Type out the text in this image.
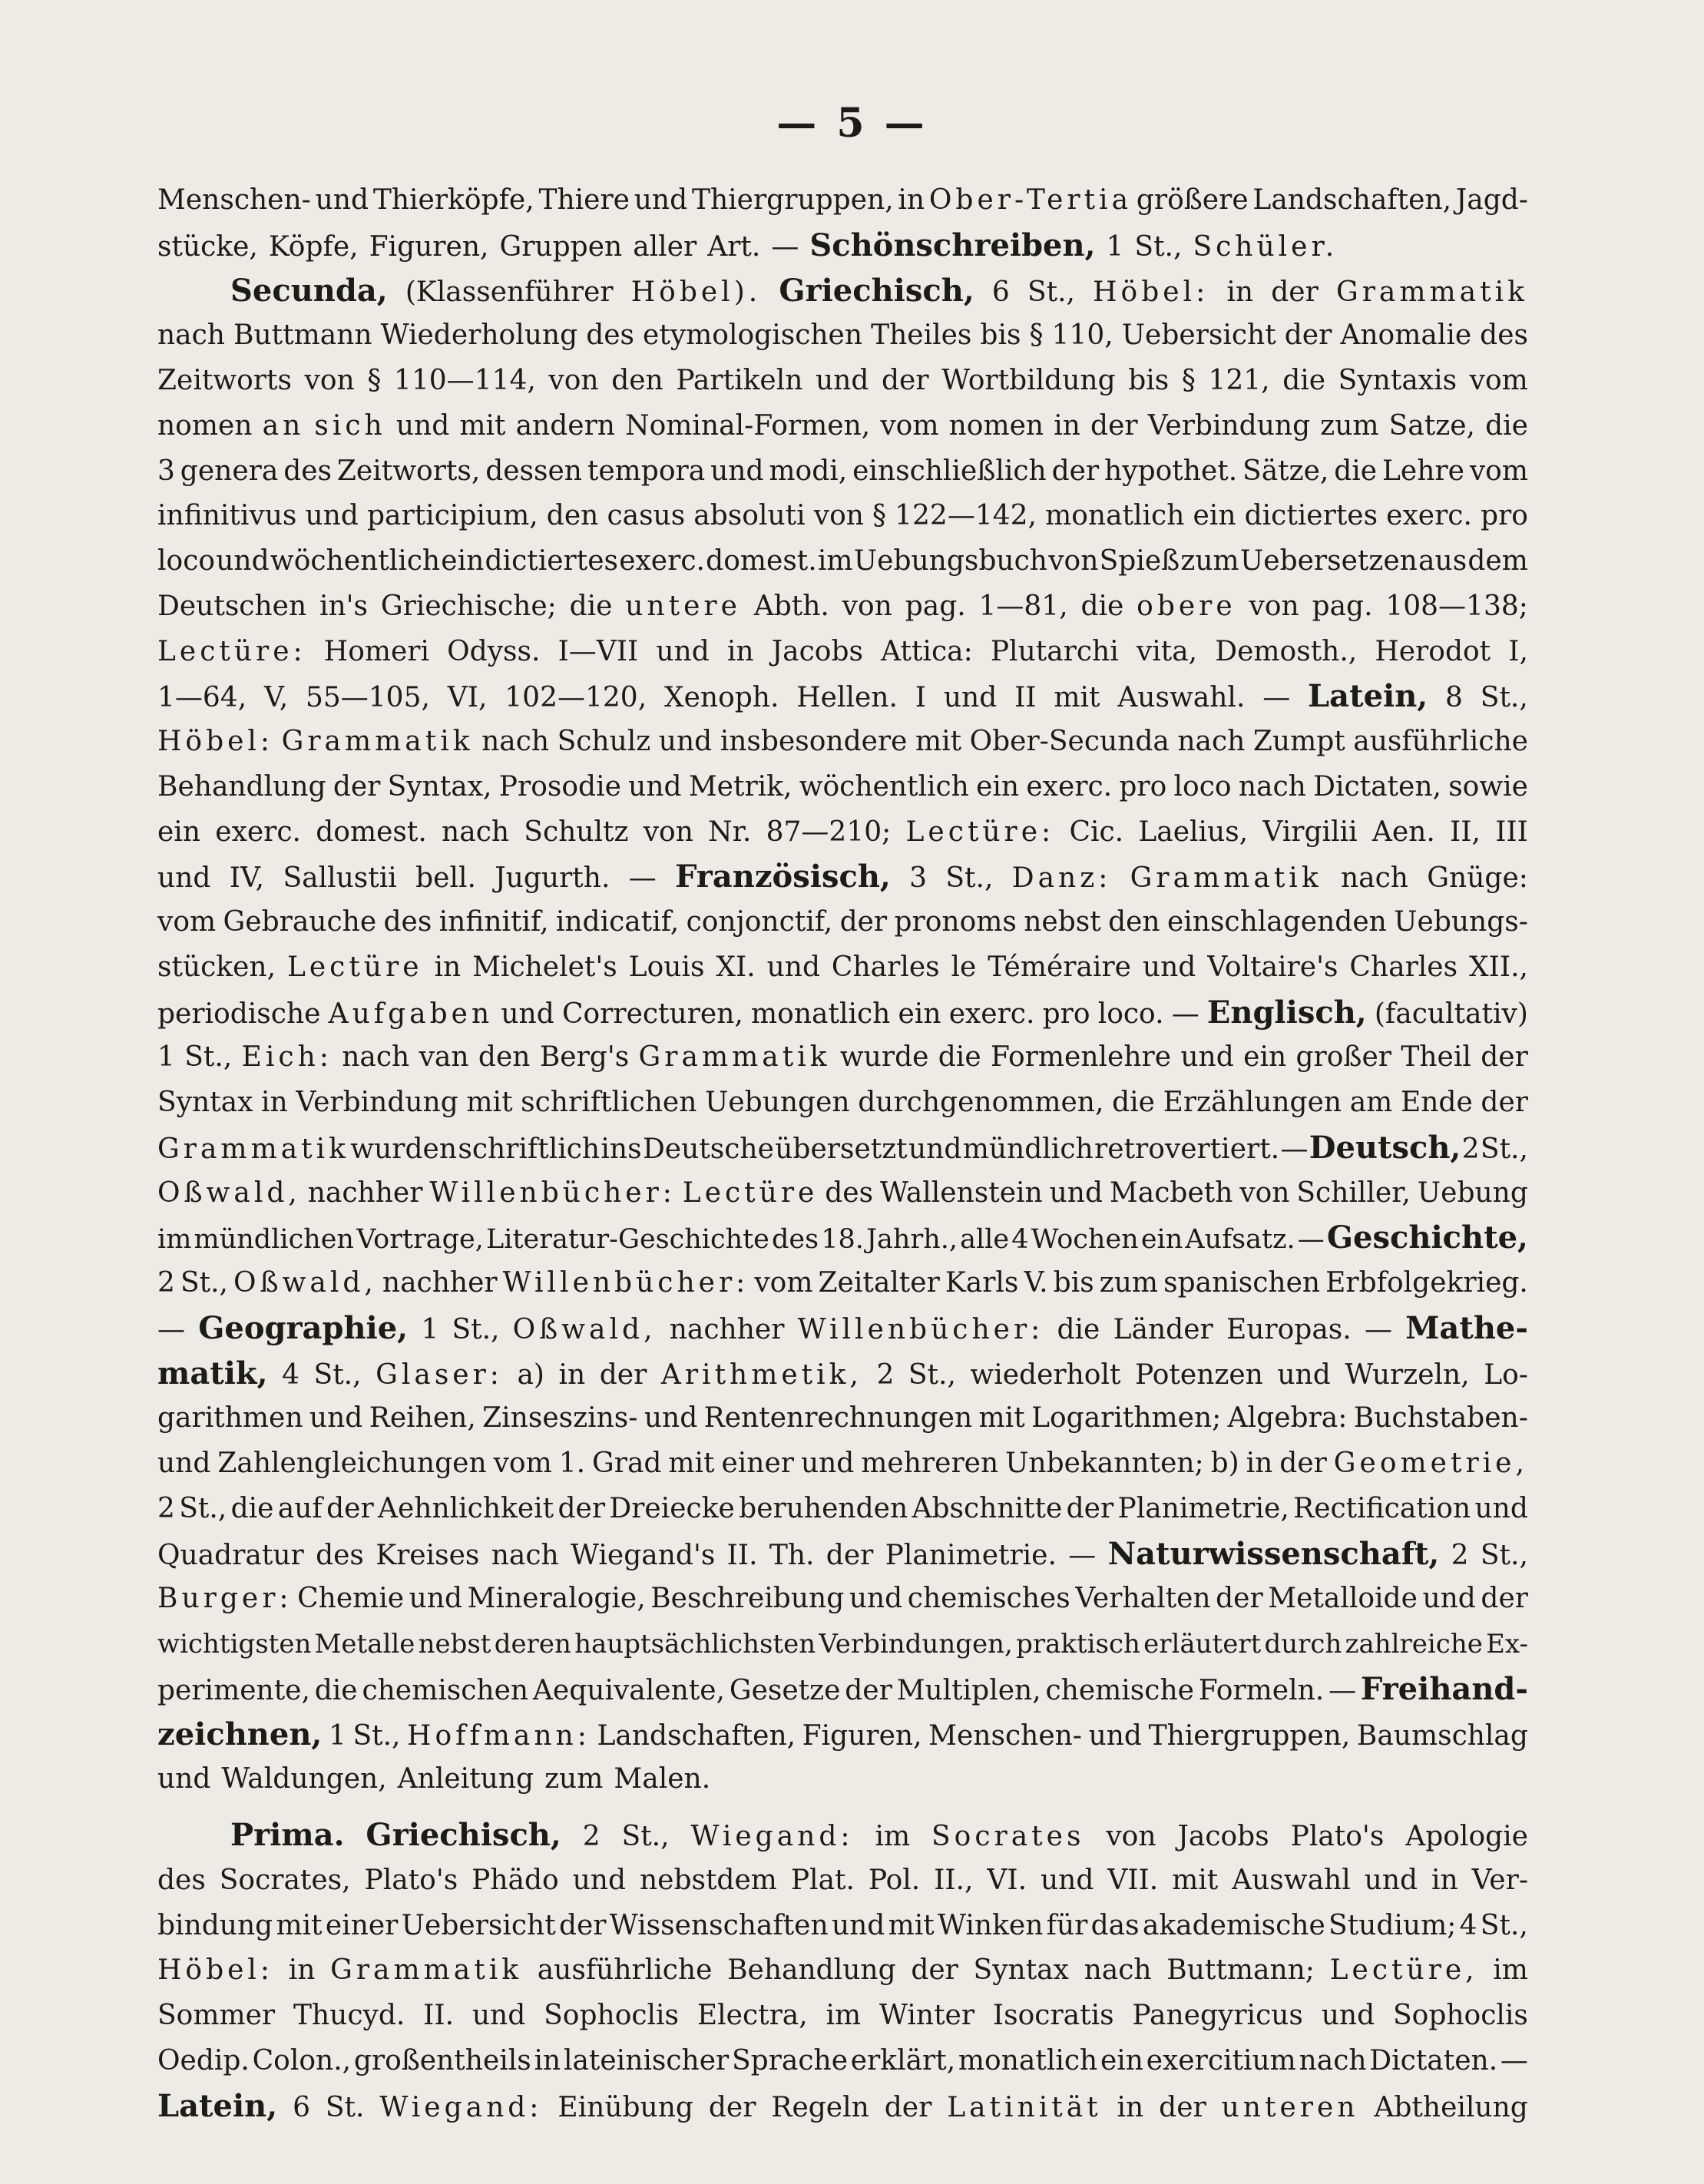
— 5 —
Menschen- und Thierköpfe, Thiere und Thiergruppen, in Ober-Tertia größere Landschaften, Jagd-
stücke, Köpfe, Figuren, Gruppen aller Art. — Schönschreiben, 1 St., Schüler.
Secunda, (Klassenführer Höbel). Griechisch, 6 St., Höbel: in der Grammatik
nach Buttmann Wiederholung des etymologischen Theiles bis § 110, Uebersicht der Anomalie des
Zeitworts von § 110—114, von den Partikeln und der Wortbildung bis § 121, die Syntaxis vom
nomen an sich und mit andern Nominal-Formen, vom nomen in der Verbindung zum Satze, die
3 genera des Zeitworts, dessen tempora und modi, einschließlich der hypothet. Sätze, die Lehre vom
infinitivus und participium, den casus absoluti von § 122—142, monatlich ein dictiertes exerc. pro
loco und wöchentlich ein dictiertes exerc. domest. im Uebungsbuch von Spieß zum Uebersetzen aus dem
Deutschen in's Griechische; die untere Abth. von pag. 1—81, die obere von pag. 108—138;
Lectüre: Homeri Odyss. I—VII und in Jacobs Attica: Plutarchi vita, Demosth., Herodot I,
1—64, V, 55—105, VI, 102—120, Xenoph. Hellen. I und II mit Auswahl. — Latein, 8 St.,
Höbel: Grammatik nach Schulz und insbesondere mit Ober-Secunda nach Zumpt ausführliche
Behandlung der Syntax, Prosodie und Metrik, wöchentlich ein exerc. pro loco nach Dictaten, sowie
ein exerc. domest. nach Schultz von Nr. 87—210; Lectüre: Cic. Laelius, Virgilii Aen. II, III
und IV, Sallustii bell. Jugurth. — Französisch, 3 St., Danz: Grammatik nach Gnüge:
vom Gebrauche des infinitif, indicatif, conjonctif, der pronoms nebst den einschlagenden Uebungs-
stücken, Lectüre in Michelet's Louis XI. und Charles le Téméraire und Voltaire's Charles XII.,
periodische Aufgaben und Correcturen, monatlich ein exerc. pro loco. — Englisch, (facultativ)
1 St., Eich: nach van den Berg's Grammatik wurde die Formenlehre und ein großer Theil der
Syntax in Verbindung mit schriftlichen Uebungen durchgenommen, die Erzählungen am Ende der
Grammatik wurden schriftlich ins Deutsche übersetzt und mündlich retrovertiert. — Deutsch, 2 St.,
Oßwald, nachher Willenbücher: Lectüre des Wallenstein und Macbeth von Schiller, Uebung
im mündlichen Vortrage, Literatur-Geschichte des 18. Jahrh., alle 4 Wochen ein Aufsatz. — Geschichte,
2 St., Oßwald, nachher Willenbücher: vom Zeitalter Karls V. bis zum spanischen Erbfolgekrieg.
— Geographie, 1 St., Oßwald, nachher Willenbücher: die Länder Europas. — Mathe-
matik, 4 St., Glaser: a) in der Arithmetik, 2 St., wiederholt Potenzen und Wurzeln, Lo-
garithmen und Reihen, Zinseszins- und Rentenrechnungen mit Logarithmen; Algebra: Buchstaben-
und Zahlengleichungen vom 1. Grad mit einer und mehreren Unbekannten; b) in der Geometrie,
2 St., die auf der Aehnlichkeit der Dreiecke beruhenden Abschnitte der Planimetrie, Rectification und
Quadratur des Kreises nach Wiegand's II. Th. der Planimetrie. — Naturwissenschaft, 2 St.,
Burger: Chemie und Mineralogie, Beschreibung und chemisches Verhalten der Metalloide und der
wichtigsten Metalle nebst deren hauptsächlichsten Verbindungen, praktisch erläutert durch zahlreiche Ex-
perimente, die chemischen Aequivalente, Gesetze der Multiplen, chemische Formeln. — Freihand-
zeichnen, 1 St., Hoffmann: Landschaften, Figuren, Menschen- und Thiergruppen, Baumschlag
und Waldungen, Anleitung zum Malen.
Prima. Griechisch, 2 St., Wiegand: im Socrates von Jacobs Plato's Apologie
des Socrates, Plato's Phädo und nebstdem Plat. Pol. II., VI. und VII. mit Auswahl und in Ver-
bindung mit einer Uebersicht der Wissenschaften und mit Winken für das akademische Studium; 4 St.,
Höbel: in Grammatik ausführliche Behandlung der Syntax nach Buttmann; Lectüre, im
Sommer Thucyd. II. und Sophoclis Electra, im Winter Isocratis Panegyricus und Sophoclis
Oedip. Colon., großentheils in lateinischer Sprache erklärt, monatlich ein exercitium nach Dictaten. —
Latein, 6 St. Wiegand: Einübung der Regeln der Latinität in der unteren Abtheilung
